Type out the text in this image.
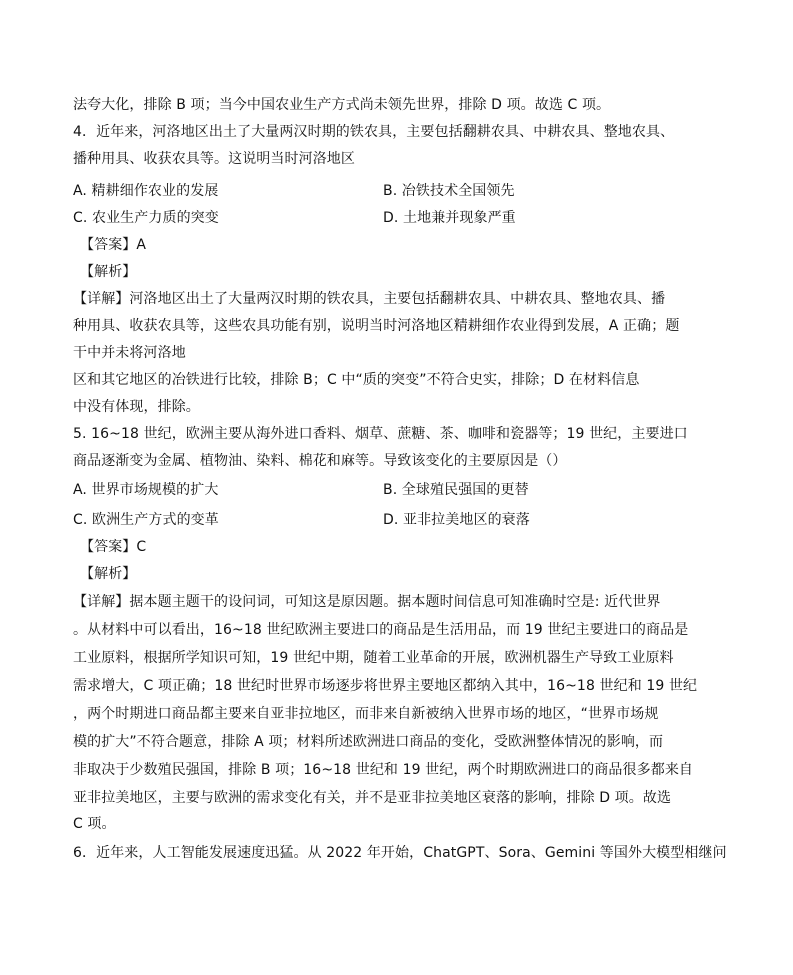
法夸大化，排除 B 项；当今中国农业生产方式尚未领先世界，排除 D 项。故选 C 项。
4．近年来，河洛地区出土了大量两汉时期的铁农具，主要包括翻耕农具、中耕农具、整地农具、
播种用具、收获农具等。这说明当时河洛地区
A. 精耕细作农业的发展	B. 冶铁技术全国领先
C. 农业生产力质的突变	D. 土地兼并现象严重
【答案】A
【解析】
【详解】河洛地区出土了大量两汉时期的铁农具，主要包括翻耕农具、中耕农具、整地农具、播
种用具、收获农具等，这些农具功能有别，说明当时河洛地区精耕细作农业得到发展，A 正确；题
干中并未将河洛地
区和其它地区的冶铁进行比较，排除 B；C 中“质的突变”不符合史实，排除；D 在材料信息
中没有体现，排除。
5. 16~18 世纪，欧洲主要从海外进口香料、烟草、蔗糖、茶、咖啡和瓷器等；19 世纪，主要进口
商品逐渐变为金属、植物油、染料、棉花和麻等。导致该变化的主要原因是（）
A. 世界市场规模的扩大	B. 全球殖民强国的更替
C. 欧洲生产方式的变革	D. 亚非拉美地区的衰落
【答案】C
【解析】
【详解】据本题主题干的设问词，可知这是原因题。据本题时间信息可知准确时空是: 近代世界
。从材料中可以看出，16~18 世纪欧洲主要进口的商品是生活用品，而 19 世纪主要进口的商品是
工业原料，根据所学知识可知，19 世纪中期，随着工业革命的开展，欧洲机器生产导致工业原料
需求增大，C 项正确；18 世纪时世界市场逐步将世界主要地区都纳入其中，16~18 世纪和 19 世纪
，两个时期进口商品都主要来自亚非拉地区，而非来自新被纳入世界市场的地区，“世界市场规
模的扩大”不符合题意，排除 A 项；材料所述欧洲进口商品的变化，受欧洲整体情况的影响，而
非取决于少数殖民强国，排除 B 项；16~18 世纪和 19 世纪，两个时期欧洲进口的商品很多都来自
亚非拉美地区，主要与欧洲的需求变化有关，并不是亚非拉美地区衰落的影响，排除 D 项。故选
C 项。
6．近年来，人工智能发展速度迅猛。从 2022 年开始，ChatGPT、Sora、Gemini 等国外大模型相继问
